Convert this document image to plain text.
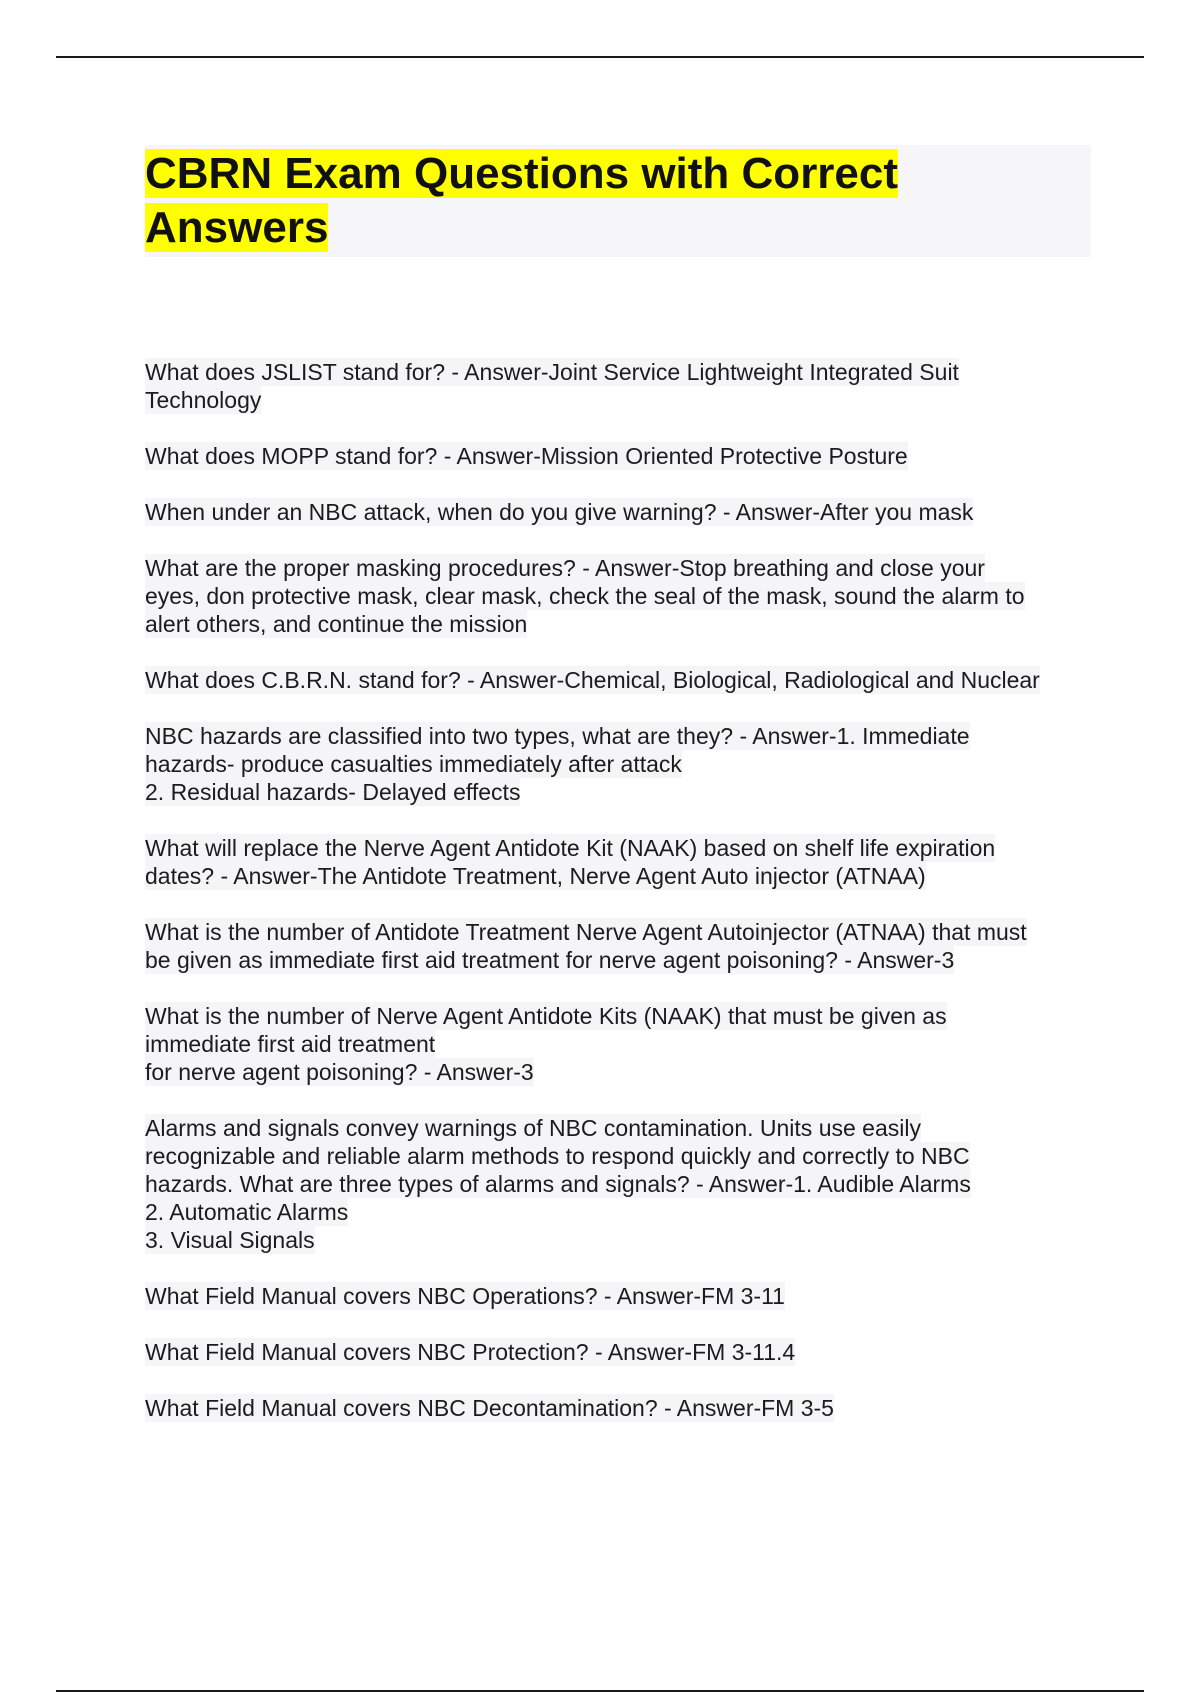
CBRN Exam Questions with Correct Answers
What does JSLIST stand for? - Answer-Joint Service Lightweight Integrated Suit
Technology
What does MOPP stand for? - Answer-Mission Oriented Protective Posture
When under an NBC attack, when do you give warning? - Answer-After you mask
What are the proper masking procedures? - Answer-Stop breathing and close your
eyes, don protective mask, clear mask, check the seal of the mask, sound the alarm to
alert others, and continue the mission
What does C.B.R.N. stand for? - Answer-Chemical, Biological, Radiological and Nuclear
NBC hazards are classified into two types, what are they? - Answer-1. Immediate
hazards- produce casualties immediately after attack
2. Residual hazards- Delayed effects
What will replace the Nerve Agent Antidote Kit (NAAK) based on shelf life expiration
dates? - Answer-The Antidote Treatment, Nerve Agent Auto injector (ATNAA)
What is the number of Antidote Treatment Nerve Agent Autoinjector (ATNAA) that must
be given as immediate first aid treatment for nerve agent poisoning? - Answer-3
What is the number of Nerve Agent Antidote Kits (NAAK) that must be given as
immediate first aid treatment
for nerve agent poisoning? - Answer-3
Alarms and signals convey warnings of NBC contamination. Units use easily
recognizable and reliable alarm methods to respond quickly and correctly to NBC
hazards. What are three types of alarms and signals? - Answer-1. Audible Alarms
2. Automatic Alarms
3. Visual Signals
What Field Manual covers NBC Operations? - Answer-FM 3-11
What Field Manual covers NBC Protection? - Answer-FM 3-11.4
What Field Manual covers NBC Decontamination? - Answer-FM 3-5
